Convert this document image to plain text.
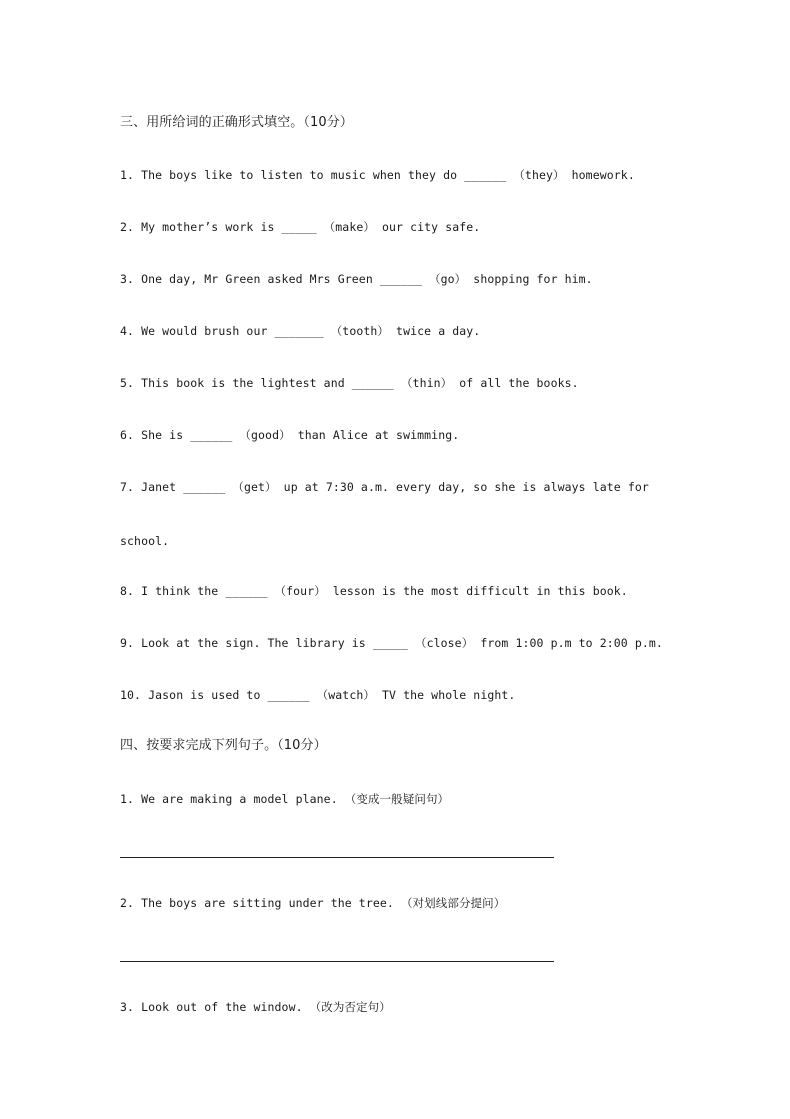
三、用所给词的正确形式填空。（10分）
1. The boys like to listen to music when they do ______ （they） homework.
2. My mother’s work is _____ （make） our city safe.
3. One day, Mr Green asked Mrs Green ______ （go） shopping for him.
4. We would brush our _______ （tooth） twice a day.
5. This book is the lightest and ______ （thin） of all the books.
6. She is ______ （good） than Alice at swimming.
7. Janet ______ （get） up at 7:30 a.m. every day, so she is always late for
school.
8. I think the ______ （four） lesson is the most difficult in this book.
9. Look at the sign. The library is _____ （close） from 1:00 p.m to 2:00 p.m.
10. Jason is used to ______ （watch） TV the whole night.
四、按要求完成下列句子。（10分）
1. We are making a model plane. （变成一般疑问句）
2. The boys are sitting under the tree. （对划线部分提问）
3. Look out of the window. （改为否定句）
